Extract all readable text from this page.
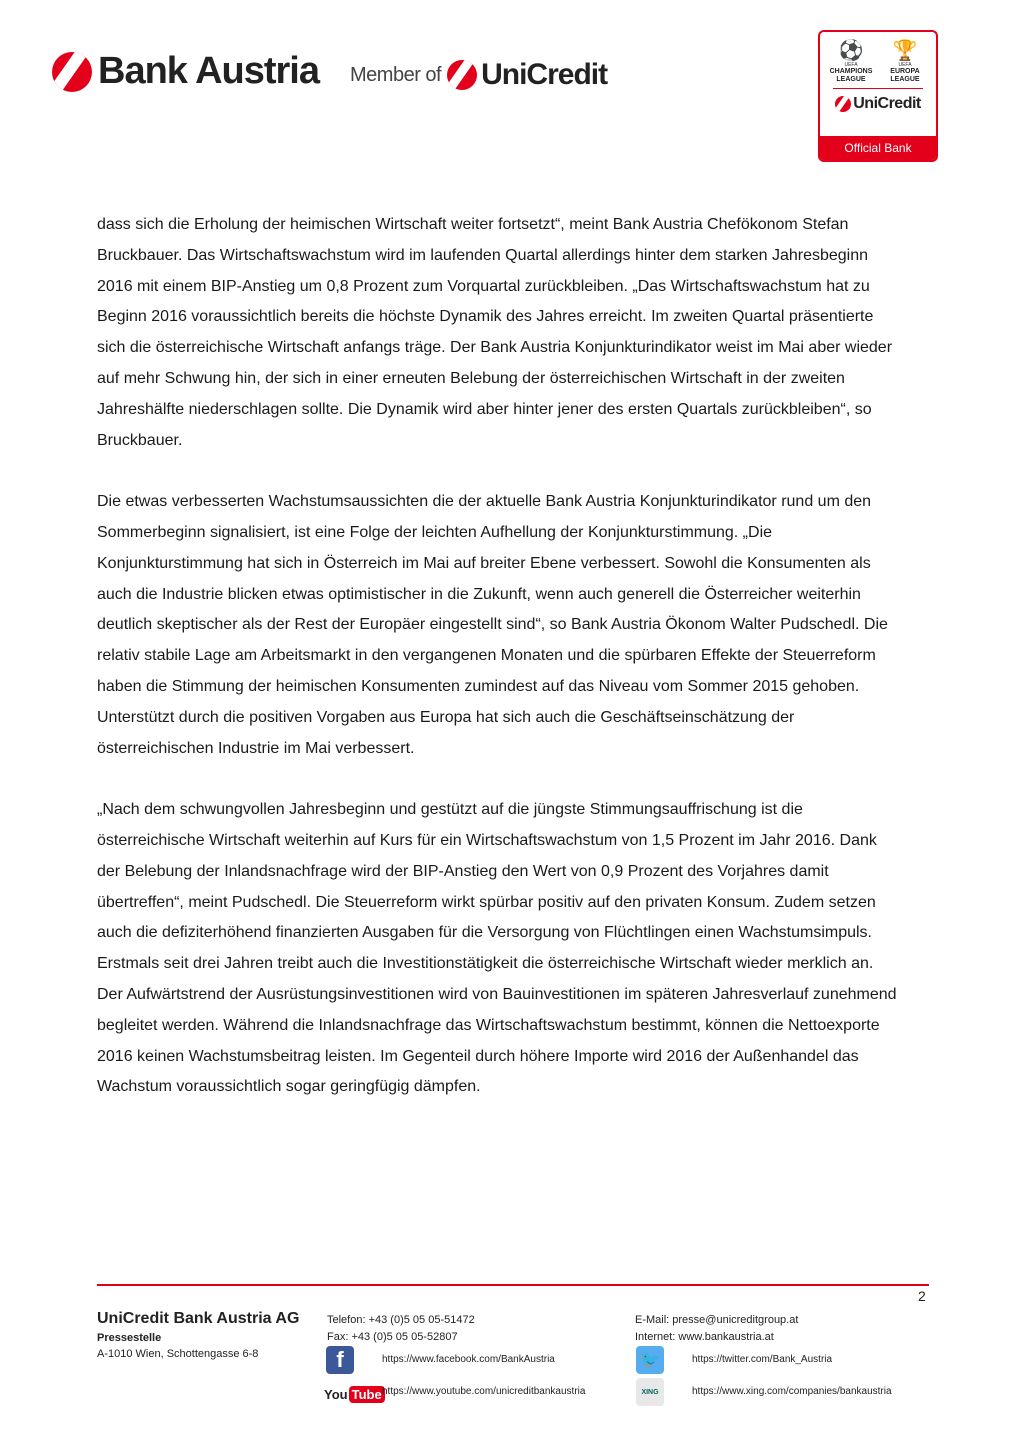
Bank Austria Member of UniCredit
⚽
UEFA
CHAMPIONS LEAGUE
🏆
UEFA
EUROPA LEAGUE
UniCredit
Official Bank

dass sich die Erholung der heimischen Wirtschaft weiter fortsetzt“, meint Bank Austria Chefökonom Stefan Bruckbauer. Das Wirtschaftswachstum wird im laufenden Quartal allerdings hinter dem starken Jahresbeginn 2016 mit einem BIP-Anstieg um 0,8 Prozent zum Vorquartal zurückbleiben. „Das Wirtschaftswachstum hat zu Beginn 2016 voraussichtlich bereits die höchste Dynamik des Jahres erreicht. Im zweiten Quartal präsentierte sich die österreichische Wirtschaft anfangs träge. Der Bank Austria Konjunkturindikator weist im Mai aber wieder auf mehr Schwung hin, der sich in einer erneuten Belebung der österreichischen Wirtschaft in der zweiten Jahreshälfte niederschlagen sollte. Die Dynamik wird aber hinter jener des ersten Quartals zurückbleiben“, so Bruckbauer.

Die etwas verbesserten Wachstumsaussichten die der aktuelle Bank Austria Konjunkturindikator rund um den Sommerbeginn signalisiert, ist eine Folge der leichten Aufhellung der Konjunkturstimmung. „Die Konjunkturstimmung hat sich in Österreich im Mai auf breiter Ebene verbessert. Sowohl die Konsumenten als auch die Industrie blicken etwas optimistischer in die Zukunft, wenn auch generell die Österreicher weiterhin deutlich skeptischer als der Rest der Europäer eingestellt sind“, so Bank Austria Ökonom Walter Pudschedl. Die relativ stabile Lage am Arbeitsmarkt in den vergangenen Monaten und die spürbaren Effekte der Steuerreform haben die Stimmung der heimischen Konsumenten zumindest auf das Niveau vom Sommer 2015 gehoben. Unterstützt durch die positiven Vorgaben aus Europa hat sich auch die Geschäftseinschätzung der österreichischen Industrie im Mai verbessert.

„Nach dem schwungvollen Jahresbeginn und gestützt auf die jüngste Stimmungsauffrischung ist die österreichische Wirtschaft weiterhin auf Kurs für ein Wirtschaftswachstum von 1,5 Prozent im Jahr 2016. Dank der Belebung der Inlandsnachfrage wird der BIP-Anstieg den Wert von 0,9 Prozent des Vorjahres damit übertreffen“, meint Pudschedl. Die Steuerreform wirkt spürbar positiv auf den privaten Konsum. Zudem setzen auch die defiziterhöhend finanzierten Ausgaben für die Versorgung von Flüchtlingen einen Wachstumsimpuls. Erstmals seit drei Jahren treibt auch die Investitionstätigkeit die österreichische Wirtschaft wieder merklich an. Der Aufwärtstrend der Ausrüstungsinvestitionen wird von Bauinvestitionen im späteren Jahresverlauf zunehmend begleitet werden. Während die Inlandsnachfrage das Wirtschaftswachstum bestimmt, können die Nettoexporte 2016 keinen Wachstumsbeitrag leisten. Im Gegenteil durch höhere Importe wird 2016 der Außenhandel das Wachstum voraussichtlich sogar geringfügig dämpfen.

2
UniCredit Bank Austria AG
Pressestelle
A-1010 Wien, Schottengasse 6-8
Telefon: +43 (0)5 05 05-51472
Fax: +43 (0)5 05 05-52807
E-Mail: presse@unicreditgroup.at
Internet: www.bankaustria.at
f	https://www.facebook.com/BankAustria	🐦	https://twitter.com/Bank_Austria
You Tube https://www.youtube.com/unicreditbankaustria	XING	https://www.xing.com/companies/bankaustria
